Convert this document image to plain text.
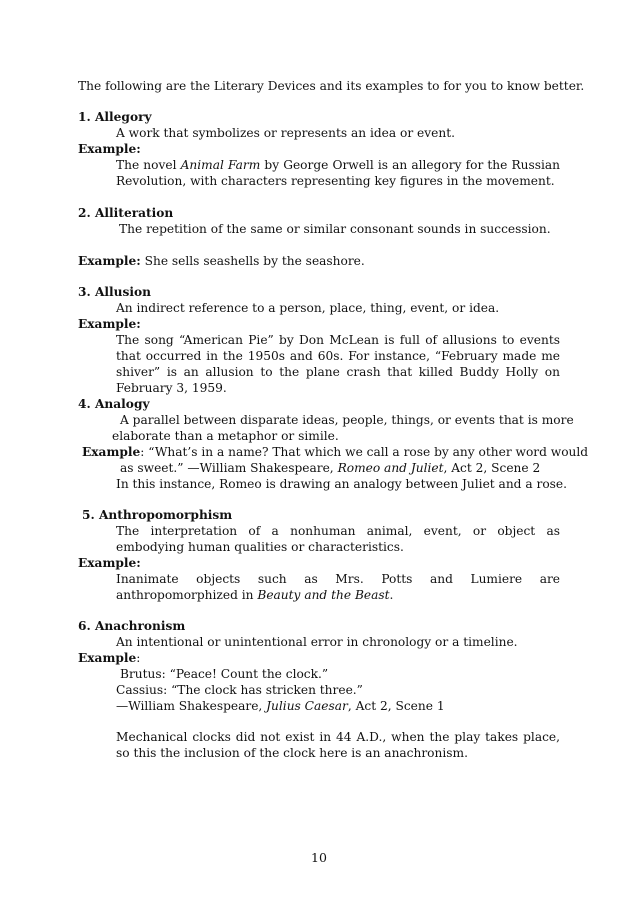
The following are the Literary Devices and its examples to for you to know better.

1. Allegory

A work that symbolizes or represents an idea or event.

Example:

The novel Animal Farm by George Orwell is an allegory for the Russian Revolution, with characters representing key figures in the movement.

2. Alliteration

The repetition of the same or similar consonant sounds in succession.

Example: She sells seashells by the seashore.

3. Allusion

An indirect reference to a person, place, thing, event, or idea.

Example:

The song “American Pie” by Don McLean is full of allusions to events that occurred in the 1950s and 60s. For instance, “February made me shiver” is an allusion to the plane crash that killed Buddy Holly on February 3, 1959.

4. Analogy

A parallel between disparate ideas, people, things, or events that is more

elaborate than a metaphor or simile.

Example: “What’s in a name? That which we call a rose by any other word would

as sweet.” —William Shakespeare, Romeo and Juliet, Act 2, Scene 2

In this instance, Romeo is drawing an analogy between Juliet and a rose.

5. Anthropomorphism

The interpretation of a nonhuman animal, event, or object as embodying human qualities or characteristics.

Example:

Inanimate objects such as Mrs. Potts and Lumiere are anthropomorphized in Beauty and the Beast.

6. Anachronism

An intentional or unintentional error in chronology or a timeline.

Example:

Brutus: “Peace! Count the clock.”

Cassius: “The clock has stricken three.”

—William Shakespeare, Julius Caesar, Act 2, Scene 1

Mechanical clocks did not exist in 44 A.D., when the play takes place, so this the inclusion of the clock here is an anachronism.

10
